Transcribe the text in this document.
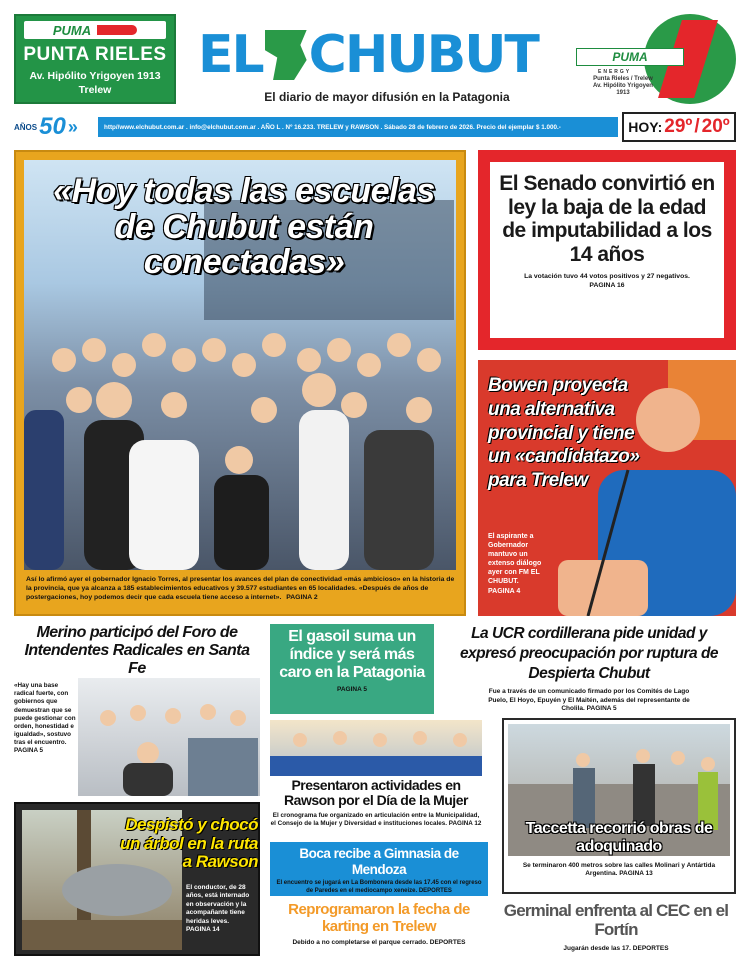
PUMA
PUNTA RIELES
Av. Hipólito Yrigoyen 1913
Trelew
EL CHUBUT
El diario de mayor difusión en la Patagonia
PUMA
ENERGY
Punta Rieles / Trelew
Av. Hipólito Yrigoyen
1913
AÑOS 50 »	http//www.elchubut.com.ar . info@elchubut.com.ar . AÑO L . Nº 16.233. TRELEW y RAWSON . Sábado 28 de febrero de 2026. Precio del ejemplar $ 1.000.-	HOY: 29º / 20º
«Hoy todas las escuelas de Chubut están conectadas»
Así lo afirmó ayer el gobernador Ignacio Torres, al presentar los avances del plan de conectividad «más ambicioso» en la historia de la provincia, que ya alcanza a 185 establecimientos educativos y 39.577 estudiantes en 65 localidades. «Después de años de postergaciones, hoy podemos decir que cada escuela tiene acceso a internet». PAGINA 2
El Senado convirtió en ley la baja de la edad de imputabilidad a los 14 años
La votación tuvo 44 votos positivos y 27 negativos.
PAGINA 16
Bowen proyecta una alternativa provincial y tiene un «candidatazo» para Trelew
El aspirante a Gobernador mantuvo un extenso diálogo ayer con FM EL CHUBUT.
PAGINA 4
Merino participó del Foro de Intendentes Radicales en Santa Fe
«Hay una base radical fuerte, con gobiernos que demuestran que se puede gestionar con orden, honestidad e igualdad», sostuvo tras el encuentro.
PAGINA 5
El gasoil suma un índice y será más caro en la Patagonia
PAGINA 5
La UCR cordillerana pide unidad y expresó preocupación por ruptura de Despierta Chubut
Fue a través de un comunicado firmado por los Comités de Lago Puelo, El Hoyo, Epuyén y El Maitén, además del representante de Cholila. PAGINA 5
Presentaron actividades en Rawson por el Día de la Mujer
El cronograma fue organizado en articulación entre la Municipalidad, el Consejo de la Mujer y Diversidad e instituciones locales. PAGINA 12	Taccetta recorrió obras de adoquinado
Se terminaron 400 metros sobre las calles Molinari y Antártida Argentina. PAGINA 13
Despistó y chocó un árbol en la ruta a Rawson
El conductor, de 28 años, está internado en observación y la acompañante tiene heridas leves.
PAGINA 14
Boca recibe a Gimnasia de Mendoza
El encuentro se jugará en La Bombonera desde las 17.45 con el regreso de Paredes en el mediocampo xeneize. DEPORTES
Reprogramaron la fecha de karting en Trelew
Debido a no completarse el parque cerrado. DEPORTES
Germinal enfrenta al CEC en el Fortín
Jugarán desde las 17. DEPORTES
